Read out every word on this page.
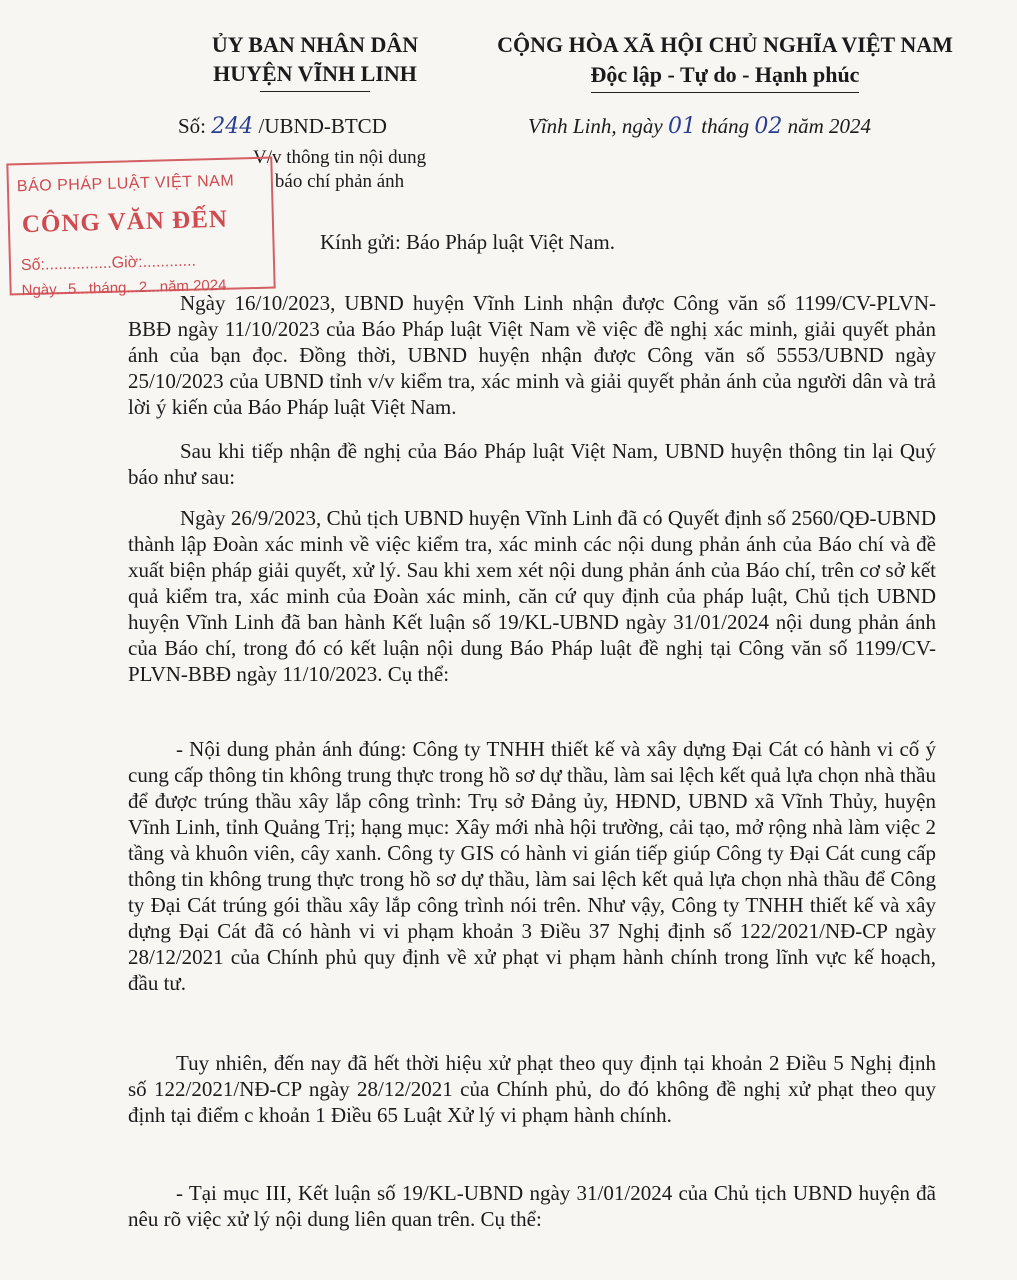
ỦY BAN NHÂN DÂN
HUYỆN VĨNH LINH
CỘNG HÒA XÃ HỘI CHỦ NGHĨA VIỆT NAM
Độc lập - Tự do - Hạnh phúc
Số: 244 /UBND-BTCD
V/v thông tin nội dung
báo chí phản ánh
Vĩnh Linh, ngày 01 tháng 02 năm 2024
BÁO PHÁP LUẬT VIỆT NAM
CÔNG VĂN ĐẾN
Số:...............Giờ:............
Ngày...5...tháng...2...năm 2024
Kính gửi: Báo Pháp luật Việt Nam.
Ngày 16/10/2023, UBND huyện Vĩnh Linh nhận được Công văn số 1199/CV-PLVN-BBĐ ngày 11/10/2023 của Báo Pháp luật Việt Nam về việc đề nghị xác minh, giải quyết phản ánh của bạn đọc. Đồng thời, UBND huyện nhận được Công văn số 5553/UBND ngày 25/10/2023 của UBND tỉnh v/v kiểm tra, xác minh và giải quyết phản ánh của người dân và trả lời ý kiến của Báo Pháp luật Việt Nam.
Sau khi tiếp nhận đề nghị của Báo Pháp luật Việt Nam, UBND huyện thông tin lại Quý báo như sau:
Ngày 26/9/2023, Chủ tịch UBND huyện Vĩnh Linh đã có Quyết định số 2560/QĐ-UBND thành lập Đoàn xác minh về việc kiểm tra, xác minh các nội dung phản ánh của Báo chí và đề xuất biện pháp giải quyết, xử lý. Sau khi xem xét nội dung phản ánh của Báo chí, trên cơ sở kết quả kiểm tra, xác minh của Đoàn xác minh, căn cứ quy định của pháp luật, Chủ tịch UBND huyện Vĩnh Linh đã ban hành Kết luận số 19/KL-UBND ngày 31/01/2024 nội dung phản ánh của Báo chí, trong đó có kết luận nội dung Báo Pháp luật đề nghị tại Công văn số 1199/CV-PLVN-BBĐ ngày 11/10/2023. Cụ thể:
- Nội dung phản ánh đúng: Công ty TNHH thiết kế và xây dựng Đại Cát có hành vi cố ý cung cấp thông tin không trung thực trong hồ sơ dự thầu, làm sai lệch kết quả lựa chọn nhà thầu để được trúng thầu xây lắp công trình: Trụ sở Đảng ủy, HĐND, UBND xã Vĩnh Thủy, huyện Vĩnh Linh, tỉnh Quảng Trị; hạng mục: Xây mới nhà hội trường, cải tạo, mở rộng nhà làm việc 2 tầng và khuôn viên, cây xanh. Công ty GIS có hành vi gián tiếp giúp Công ty Đại Cát cung cấp thông tin không trung thực trong hồ sơ dự thầu, làm sai lệch kết quả lựa chọn nhà thầu để Công ty Đại Cát trúng gói thầu xây lắp công trình nói trên. Như vậy, Công ty TNHH thiết kế và xây dựng Đại Cát đã có hành vi vi phạm khoản 3 Điều 37 Nghị định số 122/2021/NĐ-CP ngày 28/12/2021 của Chính phủ quy định về xử phạt vi phạm hành chính trong lĩnh vực kế hoạch, đầu tư.
Tuy nhiên, đến nay đã hết thời hiệu xử phạt theo quy định tại khoản 2 Điều 5 Nghị định số 122/2021/NĐ-CP ngày 28/12/2021 của Chính phủ, do đó không đề nghị xử phạt theo quy định tại điểm c khoản 1 Điều 65 Luật Xử lý vi phạm hành chính.
- Tại mục III, Kết luận số 19/KL-UBND ngày 31/01/2024 của Chủ tịch UBND huyện đã nêu rõ việc xử lý nội dung liên quan trên. Cụ thể:
